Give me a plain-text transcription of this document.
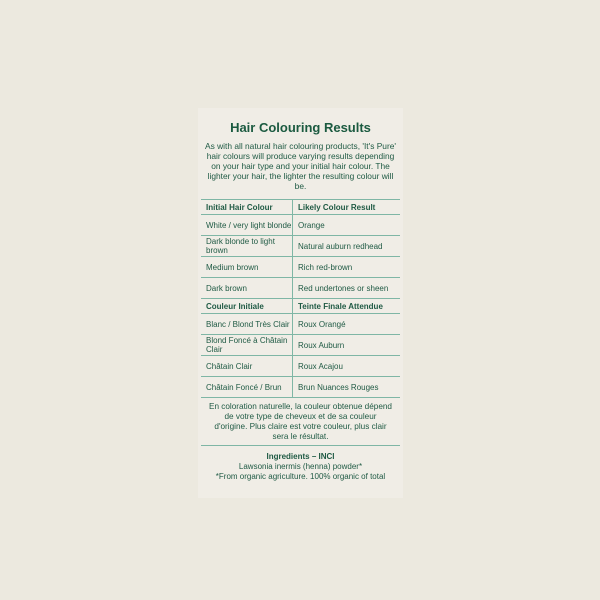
Hair Colouring Results
As with all natural hair colouring products, 'It's Pure' hair colours will produce varying results depending on your hair type and your initial hair colour. The lighter your hair, the lighter the resulting colour will be.
Initial Hair Colour	Likely Colour Result
White / very light blonde	Orange
Dark blonde to light brown	Natural auburn redhead
Medium brown	Rich red-brown
Dark brown	Red undertones or sheen
Couleur Initiale	Teinte Finale Attendue
Blanc / Blond Très Clair	Roux Orangé
Blond Foncé à Châtain Clair	Roux Auburn
Châtain Clair	Roux Acajou
Châtain Foncé / Brun	Brun Nuances Rouges
En coloration naturelle, la couleur obtenue dépend de votre type de cheveux et de sa couleur d'origine. Plus claire est votre couleur, plus clair sera le résultat.
Ingredients – INCI
Lawsonia inermis (henna) powder*
*From organic agriculture. 100% organic of total
